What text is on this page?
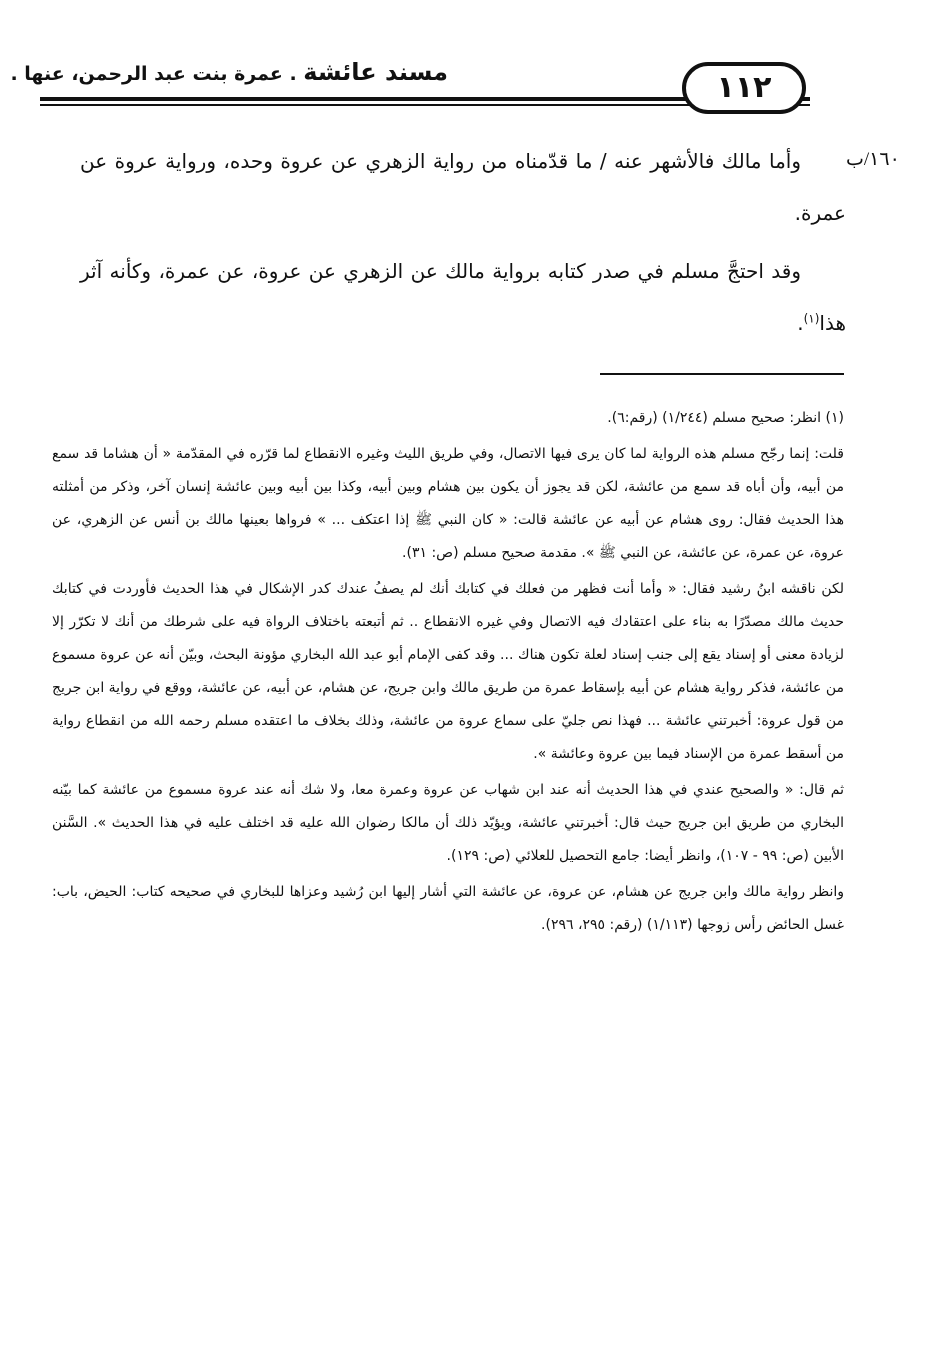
مسند عائشة . عمرة بنت عبد الرحمن، عنها .	١١٢
١٦٠/ب
وأما مالك فالأشهر عنه / ما قدّمناه من رواية الزهري عن عروة وحده، ورواية عروة عن عمرة.
وقد احتجَّ مسلم في صدر كتابه برواية مالك عن الزهري عن عروة، عن عمرة، وكأنه آثر هذا$^{(١)}$.

(١) انظر: صحيح مسلم (١/٢٤٤) (رقم:٦).

قلت: إنما رجّح مسلم هذه الرواية لما كان يرى فيها الاتصال، وفي طريق الليث وغيره الانقطاع لما قرّره في المقدّمة « أن هشاما قد سمع من أبيه، وأن أباه قد سمع من عائشة، لكن قد يجوز أن يكون بين هشام وبين أبيه، وكذا بين أبيه وبين عائشة إنسان آخر، وذكر من أمثلته هذا الحديث فقال: روى هشام عن أبيه عن عائشة قالت: « كان النبي ﷺ إذا اعتكف ... » فرواها بعينها مالك بن أنس عن الزهري، عن عروة، عن عمرة، عن عائشة، عن النبي ﷺ ». مقدمة صحيح مسلم (ص: ٣١).

لكن ناقشه ابنُ رشيد فقال: « وأما أنت فظهر من فعلك في كتابك أنك لم يصفُ عندك كدر الإشكال في هذا الحديث فأوردت في كتابك حديث مالك مصدّرًا به بناء على اعتقادك فيه الاتصال وفي غيره الانقطاع .. ثم أتبعته باختلاف الرواة فيه على شرطك من أنك لا تكرّر إلا لزيادة معنى أو إسناد يقع إلى جنب إسناد لعلة تكون هناك ... وقد كفى الإمام أبو عبد الله البخاري مؤونة البحث، وبيّن أنه عن عروة مسموع من عائشة، فذكر رواية هشام عن أبيه بإسقاط عمرة من طريق مالك وابن جريج، عن هشام، عن أبيه، عن عائشة، ووقع في رواية ابن جريج من قول عروة: أخبرتني عائشة ... فهذا نص جليّ على سماع عروة من عائشة، وذلك بخلاف ما اعتقده مسلم رحمه الله من انقطاع رواية من أسقط عمرة من الإسناد فيما بين عروة وعائشة ».

ثم قال: « والصحيح عندي في هذا الحديث أنه عند ابن شهاب عن عروة وعمرة معا، ولا شك أنه عند عروة مسموع من عائشة كما بيّنه البخاري من طريق ابن جريج حيث قال: أخبرتني عائشة، ويؤيّد ذلك أن مالكا رضوان الله عليه قد اختلف عليه في هذا الحديث ». السَّنن الأبين (ص: ٩٩ - ١٠٧)، وانظر أيضا: جامع التحصيل للعلائي (ص: ١٢٩).

وانظر رواية مالك وابن جريج عن هشام، عن عروة، عن عائشة التي أشار إليها ابن رُشيد وعزاها للبخاري في صحيحه كتاب: الحيض، باب: غسل الحائض رأس زوجها (١/١١٣) (رقم: ٢٩٥، ٢٩٦).
